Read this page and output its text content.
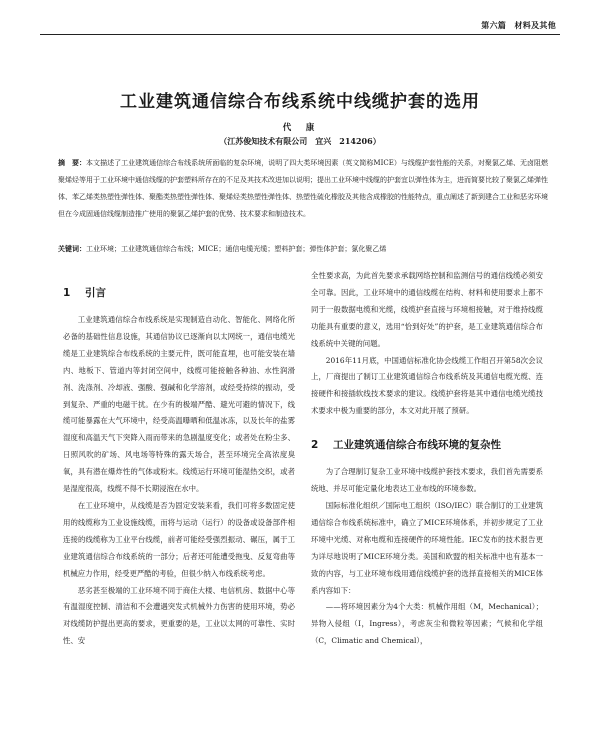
第六篇　材料及其他
工业建筑通信综合布线系统中线缆护套的选用
代　康
（江苏俊知技术有限公司　宜兴　214206）
摘　要：本文描述了工业建筑通信综合布线系统所面临的复杂环境，说明了四大类环境因素（英文简称MICE）与线缆护套性能的关系，对聚氯乙烯、无卤阻燃聚烯烃等用于工业环境中通信线缆的护套塑料所存在的不足及其技术改进加以说明；提出工业环境中线缆的护套宜以弹性体为主，进而简要比较了聚氯乙烯弹性体、苯乙烯类热塑性弹性体、聚酯类热塑性弹性体、聚烯烃类热塑性弹性体、热塑性硫化橡胶及其他含成橡胶的性能特点，重点阐述了新到建合工业和恶劣环境但在今成固通信线缆制造推广使用的聚氯乙烯护套的优势、技术要求和制造技术。
关键词：工业环境；工业建筑通信综合布线；MICE；通信电缆光缆；塑料护套；弹性体护套；氯化聚乙烯
1 引言

工业建筑通信综合布线系统是实现制造自动化、智能化、网络化所必备的基础性信息设施，其通信协议已逐渐向以太网统一，通信电缆光缆是工业建筑综合布线系统的主要元件，既可能直埋，也可能安装在墙内、地板下、管道内等封闭空间中，线缆可能接触各种油、水性润滑剂、洗涤剂、冷却液、强酸、强碱和化学溶剂，或经受持续的振动，受到复杂、严重的电磁干扰。在少有的极端严酷、避光可避的情况下，线缆可能暴露在大气环境中，经受高温曝晒和低温冰冻，以及长年的盐雾湿度和高温天气下突降入雨而带来的急剧温度变化；或者处在粉尘多、日照风吹的矿场、风电场等特殊的露天场合，甚至环境完全高浓度臭氧，具有潜在爆炸性的气体或粉末。线缆运行环境可能湿热交织，或者是湿度很高，线缆不得不长期浸泡在水中。

在工业环境中，从线缆是否为固定安装来看，我们可将多数固定使用的线缆称为工业设施线缆，而将与运动（运行）的设备或设备部件相连接的线缆称为工业平台线缆，前者可能经受强烈振动、碾压，属于工业建筑通信综合布线系统的一部分；后者还可能遭受拖曳、反复弯曲等机械应力作用，经受更严酷的考验，但很少纳入布线系统考虑。

恶劣甚至极端的工业环境不同于商住大楼、电信机房、数据中心等有温湿度控制、清洁和不会遭遇突发式机械外力伤害的使用环境，势必对线缆防护提出更高的要求，更重要的是，工业以太网的可靠性、实时性、安

全性要求高，为此首先要求承载网络控制和监测信号的通信线缆必须安全可靠。因此，工业环境中的通信线缆在结构、材料和使用要求上都不同于一般数据电缆和光缆，线缆护套直接与环境相接触，对于维持线缆功能具有重要的意义，选用“恰到好处”的护套，是工业建筑通信综合布线系统中关键的问题。

2016年11月底，中国通信标准化协会线缆工作组召开第58次会议上，厂商提出了制订工业建筑通信综合布线系统及其通信电缆光缆、连接硬件和接插软线技术要求的建议。线缆护套将是其中通信电缆光缆技术要求中极为重要的部分，本文对此开展了预研。

2 工业建筑通信综合布线环境的复杂性

为了合理制订复杂工业环境中线缆护套技术要求，我们首先需要系统地、并尽可能定量化地表达工业布线的环境参数。

国际标准化组织／国际电工组织（ISO/IEC）联合制订的工业建筑通信综合布线系统标准中，确立了MICE环境体系，并初步规定了工业环境中光缆、对称电缆和连接硬件的环境性能。IEC发布的技术报告更为详尽地说明了MICE环境分类。美国和欧盟的相关标准中也有基本一致的内容，与工业环境布线用通信线缆护套的选择直接相关的MICE体系内容如下：

——将环境因素分为4个大类：机械作用组（M，Mechanical）；异物入侵组（I，Ingress），考虑灰尘和微粒等因素；气候和化学组（C，Climatic and Chemical），
